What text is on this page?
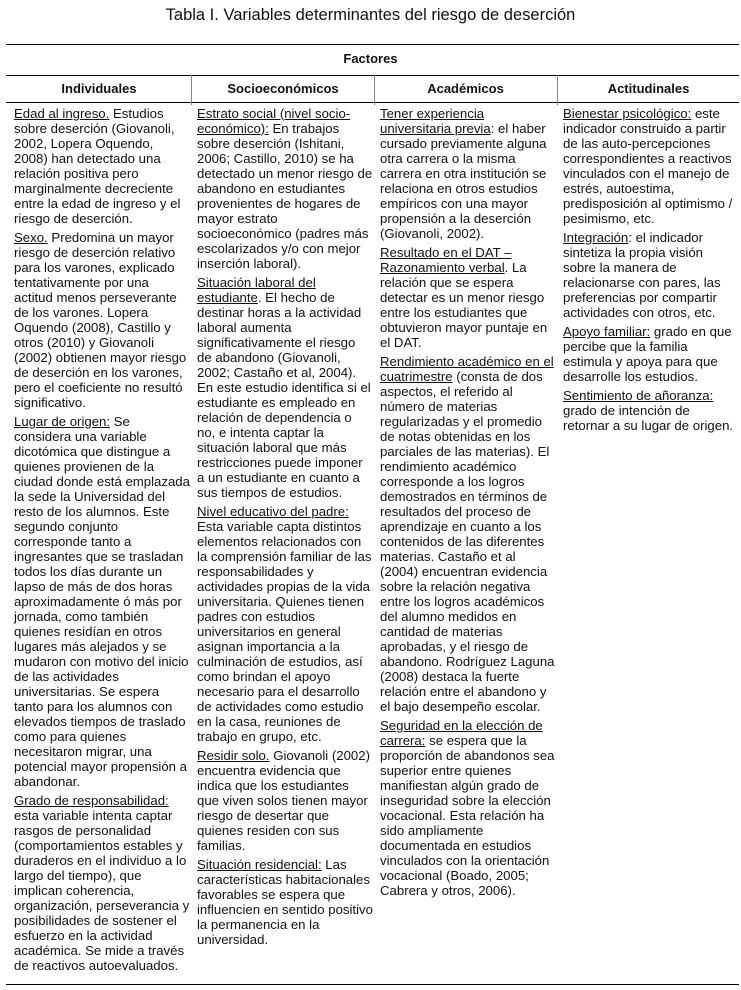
Tabla I. Variables determinantes del riesgo de deserción
Factores
Individuales
Edad al ingreso. Estudios sobre deserción (Giovanoli, 2002, Lopera Oquendo, 2008) han detectado una relación positiva pero marginalmente decreciente entre la edad de ingreso y el riesgo de deserción.
Sexo. Predomina un mayor riesgo de deserción relativo para los varones, explicado tentativamente por una actitud menos perseverante de los varones. Lopera Oquendo (2008), Castillo y otros (2010) y Giovanoli (2002) obtienen mayor riesgo de deserción en los varones, pero el coeficiente no resultó significativo.
Lugar de origen: Se considera una variable dicotómica que distingue a quienes provienen de la ciudad donde está emplazada la sede la Universidad del resto de los alumnos. Este segundo conjunto corresponde tanto a ingresantes que se trasladan todos los días durante un lapso de más de dos horas aproximadamente ó más por jornada, como también quienes residían en otros lugares más alejados y se mudaron con motivo del inicio de las actividades universitarias. Se espera tanto para los alumnos con elevados tiempos de traslado como para quienes necesitaron migrar, una potencial mayor propensión a abandonar.
Grado de responsabilidad: esta variable intenta captar rasgos de personalidad (comportamientos estables y duraderos en el individuo a lo largo del tiempo), que implican coherencia, organización, perseverancia y posibilidades de sostener el esfuerzo en la actividad académica. Se mide a través de reactivos autoevaluados.
Socioeconómicos
Estrato social (nivel socio-económico): En trabajos sobre deserción (Ishitani, 2006; Castillo, 2010) se ha detectado un menor riesgo de abandono en estudiantes provenientes de hogares de mayor estrato socioeconómico (padres más escolarizados y/o con mejor inserción laboral).
Situación laboral del estudiante. El hecho de destinar horas a la actividad laboral aumenta significativamente el riesgo de abandono (Giovanoli, 2002; Castaño et al, 2004). En este estudio identifica si el estudiante es empleado en relación de dependencia o no, e intenta captar la situación laboral que más restricciones puede imponer a un estudiante en cuanto a sus tiempos de estudios.
Nivel educativo del padre: Esta variable capta distintos elementos relacionados con la comprensión familiar de las responsabilidades y actividades propias de la vida universitaria. Quienes tienen padres con estudios universitarios en general asignan importancia a la culminación de estudios, así como brindan el apoyo necesario para el desarrollo de actividades como estudio en la casa, reuniones de trabajo en grupo, etc.
Residir solo. Giovanoli (2002) encuentra evidencia que indica que los estudiantes que viven solos tienen mayor riesgo de desertar que quienes residen con sus familias.
Situación residencial: Las características habitacionales favorables se espera que influencien en sentido positivo la permanencia en la universidad.
Académicos
Tener experiencia universitaria previa: el haber cursado previamente alguna otra carrera o la misma carrera en otra institución se relaciona en otros estudios empíricos con una mayor propensión a la deserción (Giovanoli, 2002).
Resultado en el DAT – Razonamiento verbal. La relación que se espera detectar es un menor riesgo entre los estudiantes que obtuvieron mayor puntaje en el DAT.
Rendimiento académico en el cuatrimestre (consta de dos aspectos, el referido al número de materias regularizadas y el promedio de notas obtenidas en los parciales de las materias). El rendimiento académico corresponde a los logros demostrados en términos de resultados del proceso de aprendizaje en cuanto a los contenidos de las diferentes materias. Castaño et al (2004) encuentran evidencia sobre la relación negativa entre los logros académicos del alumno medidos en cantidad de materias aprobadas, y el riesgo de abandono. Rodríguez Laguna (2008) destaca la fuerte relación entre el abandono y el bajo desempeño escolar.
Seguridad en la elección de carrera: se espera que la proporción de abandonos sea superior entre quienes manifiestan algún grado de inseguridad sobre la elección vocacional. Esta relación ha sido ampliamente documentada en estudios vinculados con la orientación vocacional (Boado, 2005; Cabrera y otros, 2006).
Actitudinales
Bienestar psicológico: este indicador construido a partir de las auto-percepciones correspondientes a reactivos vinculados con el manejo de estrés, autoestima, predisposición al optimismo / pesimismo, etc.
Integración: el indicador sintetiza la propia visión sobre la manera de relacionarse con pares, las preferencias por compartir actividades con otros, etc.
Apoyo familiar: grado en que percibe que la familia estimula y apoya para que desarrolle los estudios.
Sentimiento de añoranza: grado de intención de retornar a su lugar de origen.
